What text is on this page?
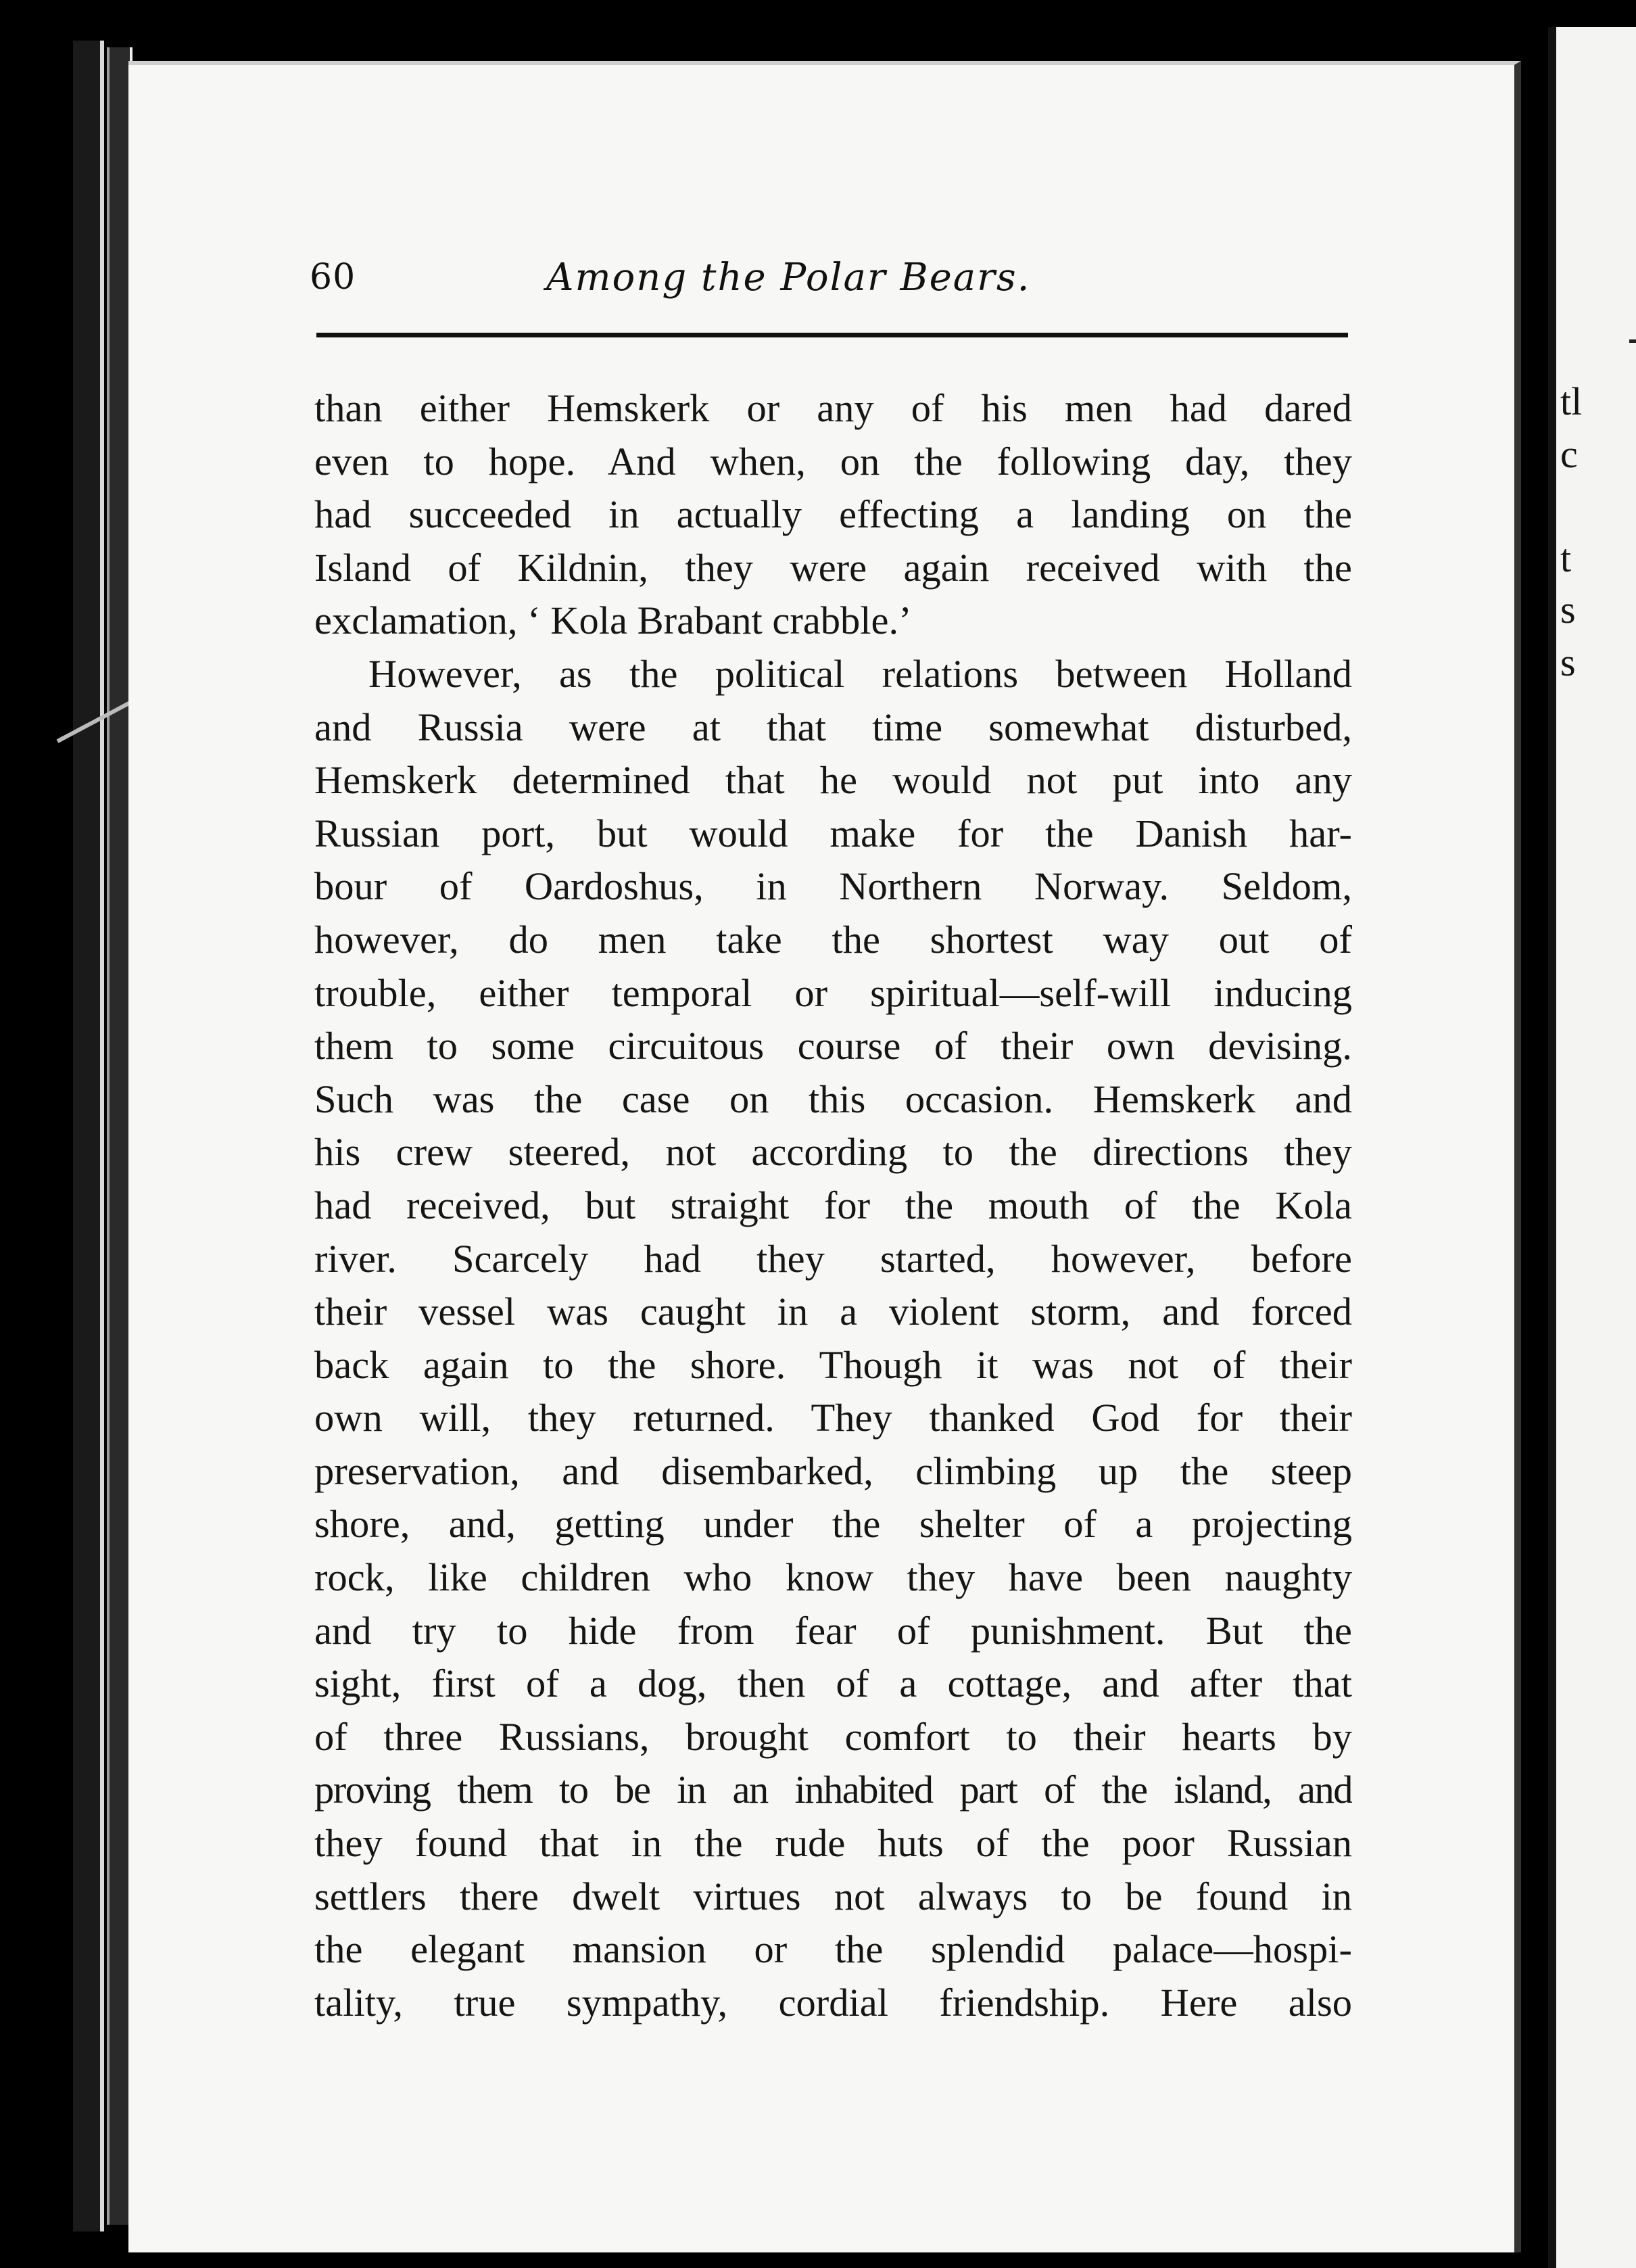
60	Among the Polar Bears.
than either Hemskerk or any of his men had dared
even to hope. And when, on the following day, they
had succeeded in actually effecting a landing on the
Island of Kildnin, they were again received with the
exclamation, ‘ Kola Brabant crabble.’
However, as the political relations between Holland
and Russia were at that time somewhat disturbed,
Hemskerk determined that he would not put into any
Russian port, but would make for the Danish har-
bour of Oardoshus, in Northern Norway. Seldom,
however, do men take the shortest way out of
trouble, either temporal or spiritual—self-will inducing
them to some circuitous course of their own devising.
Such was the case on this occasion. Hemskerk and
his crew steered, not according to the directions they
had received, but straight for the mouth of the Kola
river. Scarcely had they started, however, before
their vessel was caught in a violent storm, and forced
back again to the shore. Though it was not of their
own will, they returned. They thanked God for their
preservation, and disembarked, climbing up the steep
shore, and, getting under the shelter of a projecting
rock, like children who know they have been naughty
and try to hide from fear of punishment. But the
sight, first of a dog, then of a cottage, and after that
of three Russians, brought comfort to their hearts by
proving them to be in an inhabited part of the island, and
they found that in the rude huts of the poor Russian
settlers there dwelt virtues not always to be found in
the elegant mansion or the splendid palace—hospi-
tality, true sympathy, cordial friendship. Here also
tl
c
t
s
s
